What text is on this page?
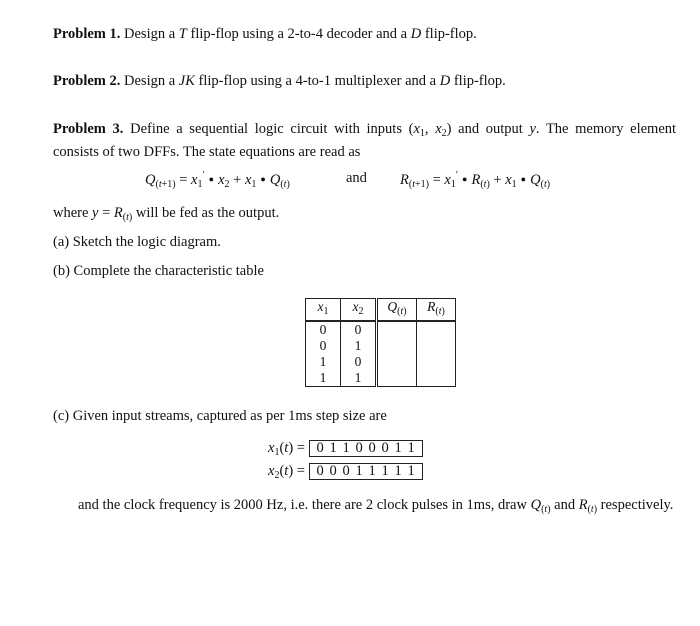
Problem 1. Design a T flip-flop using a 2-to-4 decoder and a D flip-flop.
Problem 2. Design a JK flip-flop using a 4-to-1 multiplexer and a D flip-flop.
Problem 3. Define a sequential logic circuit with inputs ($x_1$, $x_2$) and output y. The memory element consists of two DFFs. The state equations are read as
$Q_{(t+1)} = x_1'$ ● $x_2 + x_1$ ● $Q_{(t)}$	and $R_{(t+1)} = x_1'$ ● $R_{(t)} + x_1$ ● $Q_{(t)}$
where $y = R_{(t)}$ will be fed as the output.
(a) Sketch the logic diagram.
(b) Complete the characteristic table
$x_1$	$x_2$	$Q_{(t)}$	$R_{(t)}$
0	0		
0	1		
1	0		
1	1		
(c) Given input streams, captured as per 1ms step size are
$x_1(t) = 0$ 1 1 0 0 0 1 1
$x_2(t) = 0$ 0 0 1 1 1 1 1
and the clock frequency is 2000 Hz, i.e. there are 2 clock pulses in 1ms, draw $Q_{(t)}$ and $R_{(t)}$ respectively.
